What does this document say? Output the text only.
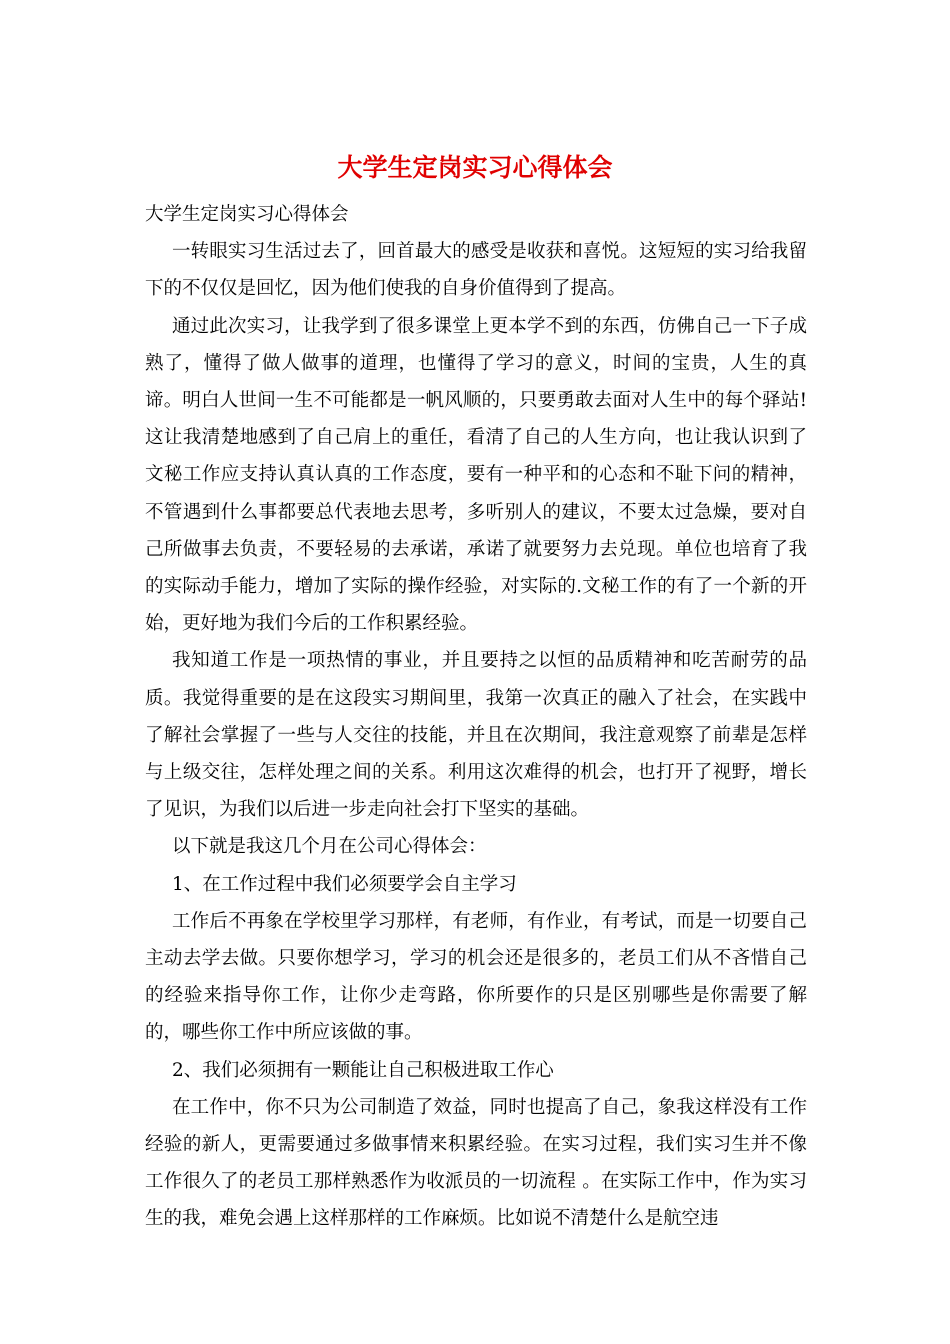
大学生定岗实习心得体会

大学生定岗实习心得体会

一转眼实习生活过去了，回首最大的感受是收获和喜悦。这短短的实习给我留下的不仅仅是回忆，因为他们使我的自身价值得到了提高。

通过此次实习，让我学到了很多课堂上更本学不到的东西，仿佛自己一下子成熟了，懂得了做人做事的道理，也懂得了学习的意义，时间的宝贵，人生的真谛。明白人世间一生不可能都是一帆风顺的，只要勇敢去面对人生中的每个驿站!这让我清楚地感到了自己肩上的重任，看清了自己的人生方向，也让我认识到了文秘工作应支持认真认真的工作态度，要有一种平和的心态和不耻下问的精神，不管遇到什么事都要总代表地去思考，多听别人的建议，不要太过急燥，要对自己所做事去负责，不要轻易的去承诺，承诺了就要努力去兑现。单位也培育了我的实际动手能力，增加了实际的操作经验，对实际的.文秘工作的有了一个新的开始，更好地为我们今后的工作积累经验。

我知道工作是一项热情的事业，并且要持之以恒的品质精神和吃苦耐劳的品质。我觉得重要的是在这段实习期间里，我第一次真正的融入了社会，在实践中了解社会掌握了一些与人交往的技能，并且在次期间，我注意观察了前辈是怎样与上级交往，怎样处理之间的关系。利用这次难得的机会，也打开了视野，增长了见识，为我们以后进一步走向社会打下坚实的基础。

以下就是我这几个月在公司心得体会：

1、在工作过程中我们必须要学会自主学习

工作后不再象在学校里学习那样，有老师，有作业，有考试，而是一切要自己主动去学去做。只要你想学习，学习的机会还是很多的，老员工们从不吝惜自己的经验来指导你工作，让你少走弯路，你所要作的只是区别哪些是你需要了解的，哪些你工作中所应该做的事。

2、我们必须拥有一颗能让自己积极进取工作心

在工作中，你不只为公司制造了效益，同时也提高了自己，象我这样没有工作经验的新人，更需要通过多做事情来积累经验。在实习过程，我们实习生并不像工作很久了的老员工那样熟悉作为收派员的一切流程 。在实际工作中，作为实习生的我，难免会遇上这样那样的工作麻烦。比如说不清楚什么是航空违
